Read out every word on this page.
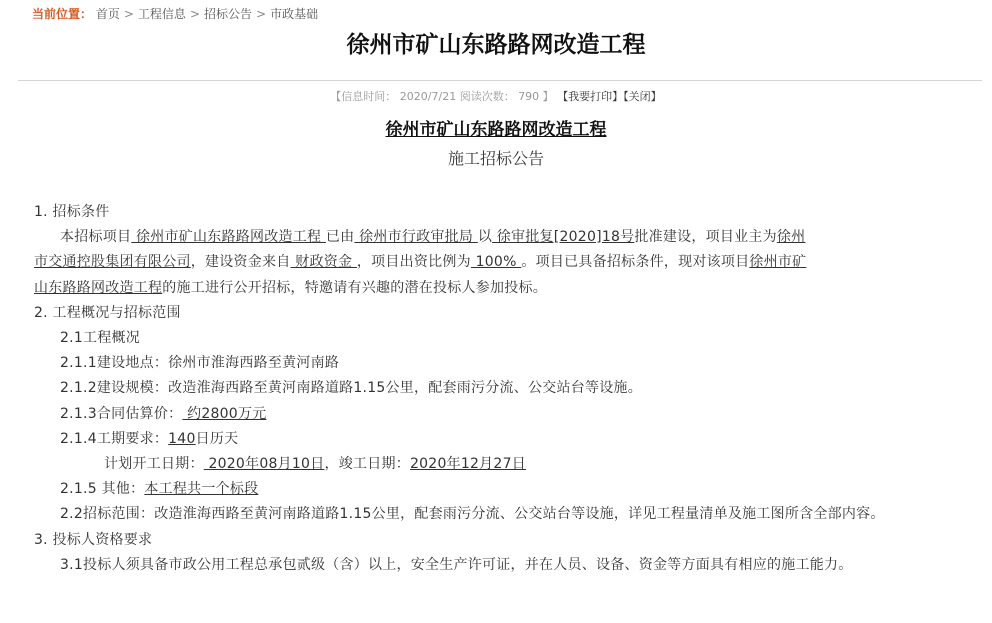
当前位置： 首页 > 工程信息 > 招标公告 > 市政基础
徐州市矿山东路路网改造工程
【信息时间： 2020/7/21 阅读次数： 790 】 【我要打印】【关闭】
徐州市矿山东路路网改造工程
施工招标公告

1. 招标条件

本招标项目 徐州市矿山东路路网改造工程 已由 徐州市行政审批局 以 徐审批复[2020]18号批准建设，项目业主为徐州

市交通控股集团有限公司，建设资金来自 财政资金 ，项目出资比例为 100% 。项目已具备招标条件，现对该项目徐州市矿

山东路路网改造工程的施工进行公开招标，特邀请有兴趣的潜在投标人参加投标。

2. 工程概况与招标范围

2.1工程概况

2.1.1建设地点：徐州市淮海西路至黄河南路

2.1.2建设规模：改造淮海西路至黄河南路道路1.15公里，配套雨污分流、公交站台等设施。

2.1.3合同估算价： 约2800万元

2.1.4工期要求：140日历天

计划开工日期： 2020年08月10日，竣工日期：2020年12月27日

2.1.5 其他：本工程共一个标段

2.2招标范围：改造淮海西路至黄河南路道路1.15公里，配套雨污分流、公交站台等设施，详见工程量清单及施工图所含全部内容。

3. 投标人资格要求

3.1投标人须具备市政公用工程总承包贰级（含）以上，安全生产许可证，并在人员、设备、资金等方面具有相应的施工能力。
